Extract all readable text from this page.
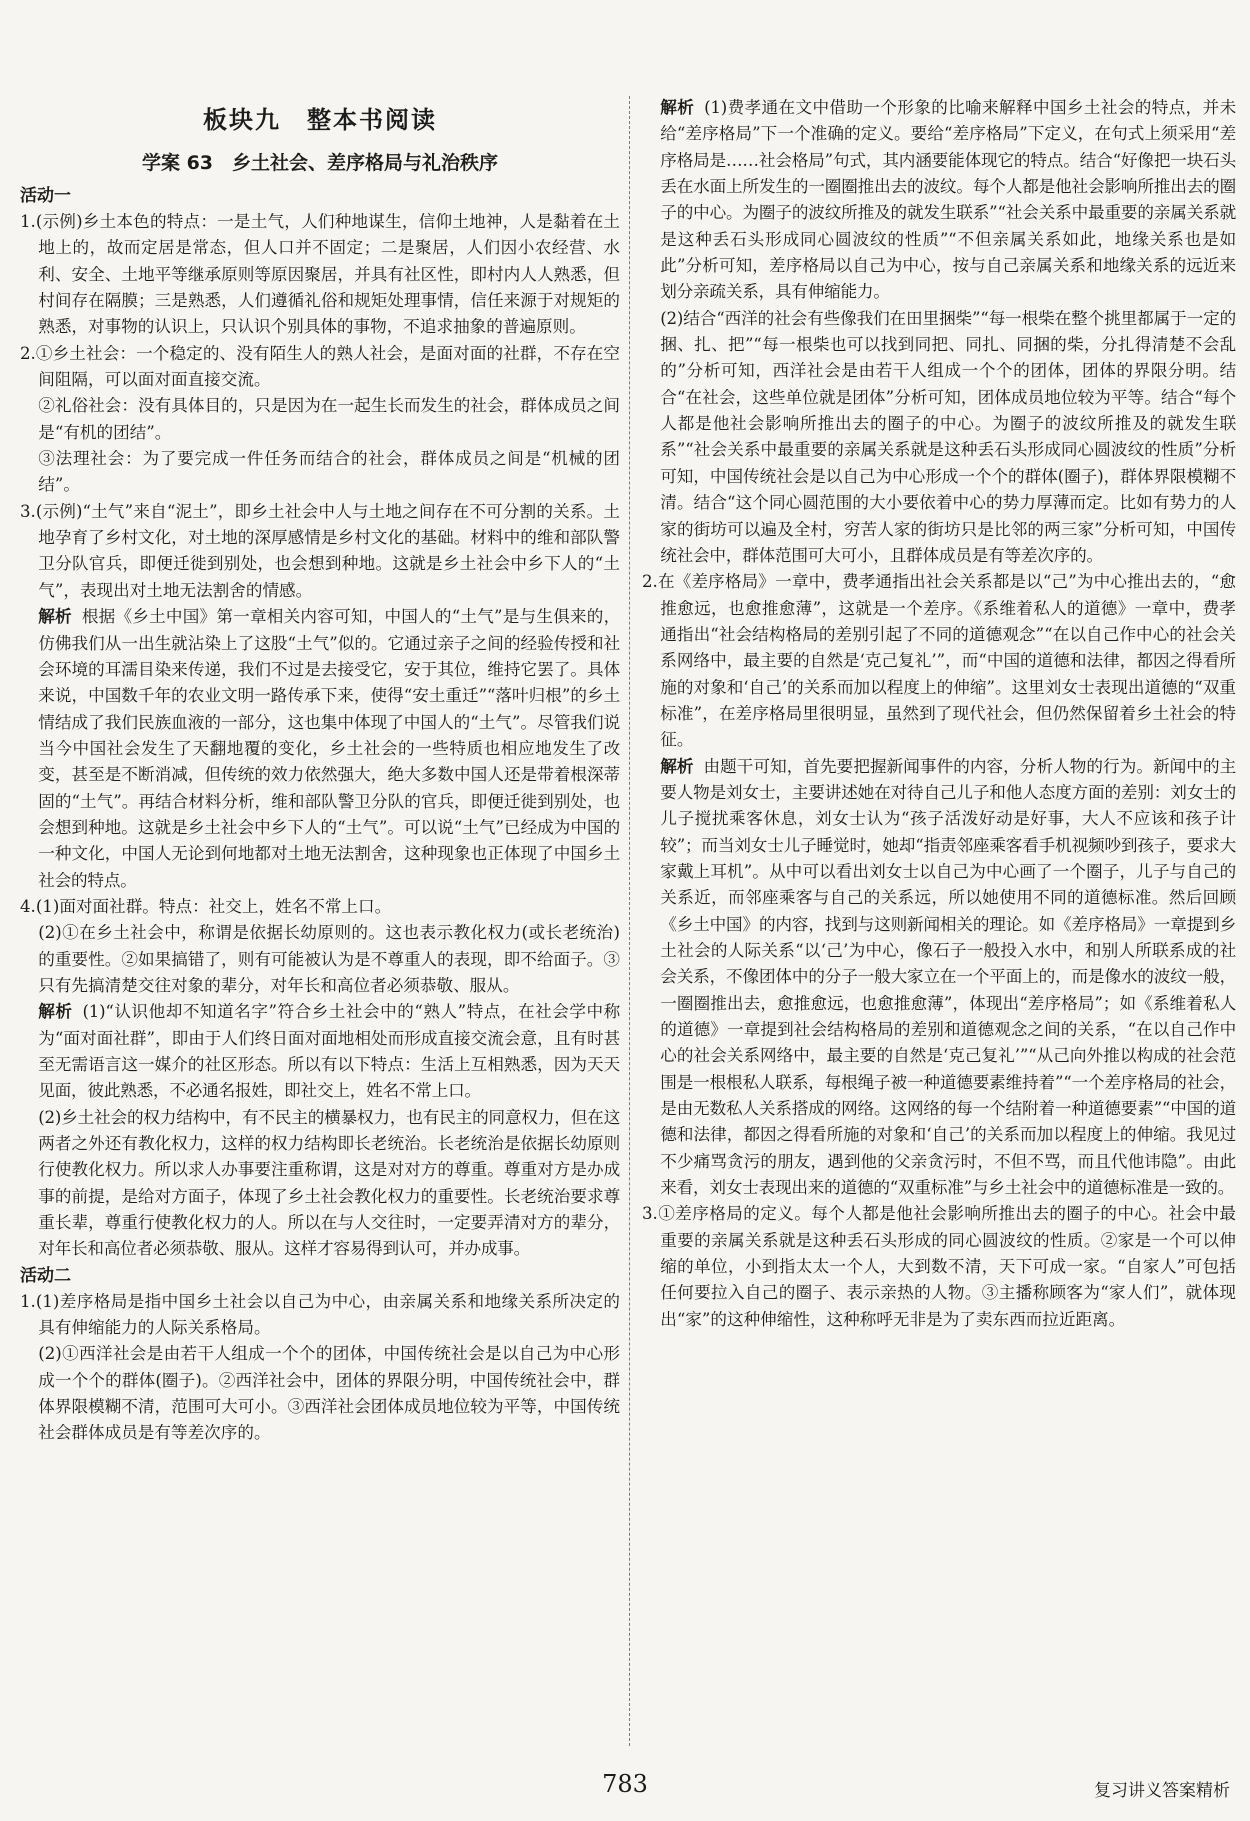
板块九　整本书阅读
学案 63　乡土社会、差序格局与礼治秩序
活动一

1.(示例)乡土本色的特点：一是土气，人们种地谋生，信仰土地神，人是黏着在土地上的，故而定居是常态，但人口并不固定；二是聚居，人们因小农经营、水利、安全、土地平等继承原则等原因聚居，并具有社区性，即村内人人熟悉，但村间存在隔膜；三是熟悉，人们遵循礼俗和规矩处理事情，信任来源于对规矩的熟悉，对事物的认识上，只认识个别具体的事物，不追求抽象的普遍原则。

2.①乡土社会：一个稳定的、没有陌生人的熟人社会，是面对面的社群，不存在空间阻隔，可以面对面直接交流。

②礼俗社会：没有具体目的，只是因为在一起生长而发生的社会，群体成员之间是“有机的团结”。

③法理社会：为了要完成一件任务而结合的社会，群体成员之间是“机械的团结”。

3.(示例)“土气”来自“泥土”，即乡土社会中人与土地之间存在不可分割的关系。土地孕育了乡村文化，对土地的深厚感情是乡村文化的基础。材料中的维和部队警卫分队官兵，即便迁徙到别处，也会想到种地。这就是乡土社会中乡下人的“土气”，表现出对土地无法割舍的情感。

解析 根据《乡土中国》第一章相关内容可知，中国人的“土气”是与生俱来的，仿佛我们从一出生就沾染上了这股“土气”似的。它通过亲子之间的经验传授和社会环境的耳濡目染来传递，我们不过是去接受它，安于其位，维持它罢了。具体来说，中国数千年的农业文明一路传承下来，使得“安土重迁”“落叶归根”的乡土情结成了我们民族血液的一部分，这也集中体现了中国人的“土气”。尽管我们说当今中国社会发生了天翻地覆的变化，乡土社会的一些特质也相应地发生了改变，甚至是不断消减，但传统的效力依然强大，绝大多数中国人还是带着根深蒂固的“土气”。再结合材料分析，维和部队警卫分队的官兵，即便迁徙到别处，也会想到种地。这就是乡土社会中乡下人的“土气”。可以说“土气”已经成为中国的一种文化，中国人无论到何地都对土地无法割舍，这种现象也正体现了中国乡土社会的特点。

4.(1)面对面社群。特点：社交上，姓名不常上口。

(2)①在乡土社会中，称谓是依据长幼原则的。这也表示教化权力(或长老统治)的重要性。②如果搞错了，则有可能被认为是不尊重人的表现，即不给面子。③只有先搞清楚交往对象的辈分，对年长和高位者必须恭敬、服从。

解析 (1)“认识他却不知道名字”符合乡土社会中的“熟人”特点，在社会学中称为“面对面社群”，即由于人们终日面对面地相处而形成直接交流会意，且有时甚至无需语言这一媒介的社区形态。所以有以下特点：生活上互相熟悉，因为天天见面，彼此熟悉，不必通名报姓，即社交上，姓名不常上口。

(2)乡土社会的权力结构中，有不民主的横暴权力，也有民主的同意权力，但在这两者之外还有教化权力，这样的权力结构即长老统治。长老统治是依据长幼原则行使教化权力。所以求人办事要注重称谓，这是对对方的尊重。尊重对方是办成事的前提，是给对方面子，体现了乡土社会教化权力的重要性。长老统治要求尊重长辈，尊重行使教化权力的人。所以在与人交往时，一定要弄清对方的辈分，对年长和高位者必须恭敬、服从。这样才容易得到认可，并办成事。

活动二

1.(1)差序格局是指中国乡土社会以自己为中心，由亲属关系和地缘关系所决定的具有伸缩能力的人际关系格局。

(2)①西洋社会是由若干人组成一个个的团体，中国传统社会是以自己为中心形成一个个的群体(圈子)。②西洋社会中，团体的界限分明，中国传统社会中，群体界限模糊不清，范围可大可小。③西洋社会团体成员地位较为平等，中国传统社会群体成员是有等差次序的。

解析 (1)费孝通在文中借助一个形象的比喻来解释中国乡土社会的特点，并未给“差序格局”下一个准确的定义。要给“差序格局”下定义，在句式上须采用“差序格局是……社会格局”句式，其内涵要能体现它的特点。结合“好像把一块石头丢在水面上所发生的一圈圈推出去的波纹。每个人都是他社会影响所推出去的圈子的中心。为圈子的波纹所推及的就发生联系”“社会关系中最重要的亲属关系就是这种丢石头形成同心圆波纹的性质”“不但亲属关系如此，地缘关系也是如此”分析可知，差序格局以自己为中心，按与自己亲属关系和地缘关系的远近来划分亲疏关系，具有伸缩能力。

(2)结合“西洋的社会有些像我们在田里捆柴”“每一根柴在整个挑里都属于一定的捆、扎、把”“每一根柴也可以找到同把、同扎、同捆的柴，分扎得清楚不会乱的”分析可知，西洋社会是由若干人组成一个个的团体，团体的界限分明。结合“在社会，这些单位就是团体”分析可知，团体成员地位较为平等。结合“每个人都是他社会影响所推出去的圈子的中心。为圈子的波纹所推及的就发生联系”“社会关系中最重要的亲属关系就是这种丢石头形成同心圆波纹的性质”分析可知，中国传统社会是以自己为中心形成一个个的群体(圈子)，群体界限模糊不清。结合“这个同心圆范围的大小要依着中心的势力厚薄而定。比如有势力的人家的街坊可以遍及全村，穷苦人家的街坊只是比邻的两三家”分析可知，中国传统社会中，群体范围可大可小，且群体成员是有等差次序的。

2.在《差序格局》一章中，费孝通指出社会关系都是以“己”为中心推出去的，“愈推愈远，也愈推愈薄”，这就是一个差序。《系维着私人的道德》一章中，费孝通指出“社会结构格局的差别引起了不同的道德观念”“在以自己作中心的社会关系网络中，最主要的自然是‘克己复礼’”，而“中国的道德和法律，都因之得看所施的对象和‘自己’的关系而加以程度上的伸缩”。这里刘女士表现出道德的“双重标准”，在差序格局里很明显，虽然到了现代社会，但仍然保留着乡土社会的特征。

解析 由题干可知，首先要把握新闻事件的内容，分析人物的行为。新闻中的主要人物是刘女士，主要讲述她在对待自己儿子和他人态度方面的差别：刘女士的儿子搅扰乘客休息，刘女士认为“孩子活泼好动是好事，大人不应该和孩子计较”；而当刘女士儿子睡觉时，她却“指责邻座乘客看手机视频吵到孩子，要求大家戴上耳机”。从中可以看出刘女士以自己为中心画了一个圈子，儿子与自己的关系近，而邻座乘客与自己的关系远，所以她使用不同的道德标准。然后回顾《乡土中国》的内容，找到与这则新闻相关的理论。如《差序格局》一章提到乡土社会的人际关系“以‘己’为中心，像石子一般投入水中，和别人所联系成的社会关系，不像团体中的分子一般大家立在一个平面上的，而是像水的波纹一般，一圈圈推出去，愈推愈远，也愈推愈薄”，体现出“差序格局”；如《系维着私人的道德》一章提到社会结构格局的差别和道德观念之间的关系，“在以自己作中心的社会关系网络中，最主要的自然是‘克己复礼’”“从己向外推以构成的社会范围是一根根私人联系，每根绳子被一种道德要素维持着”“一个差序格局的社会，是由无数私人关系搭成的网络。这网络的每一个结附着一种道德要素”“中国的道德和法律，都因之得看所施的对象和‘自己’的关系而加以程度上的伸缩。我见过不少痛骂贪污的朋友，遇到他的父亲贪污时，不但不骂，而且代他讳隐”。由此来看，刘女士表现出来的道德的“双重标准”与乡土社会中的道德标准是一致的。

3.①差序格局的定义。每个人都是他社会影响所推出去的圈子的中心。社会中最重要的亲属关系就是这种丢石头形成的同心圆波纹的性质。②家是一个可以伸缩的单位，小到指太太一个人，大到数不清，天下可成一家。“自家人”可包括任何要拉入自己的圈子、表示亲热的人物。③主播称顾客为“家人们”，就体现出“家”的这种伸缩性，这种称呼无非是为了卖东西而拉近距离。

783	复习讲义答案精析
